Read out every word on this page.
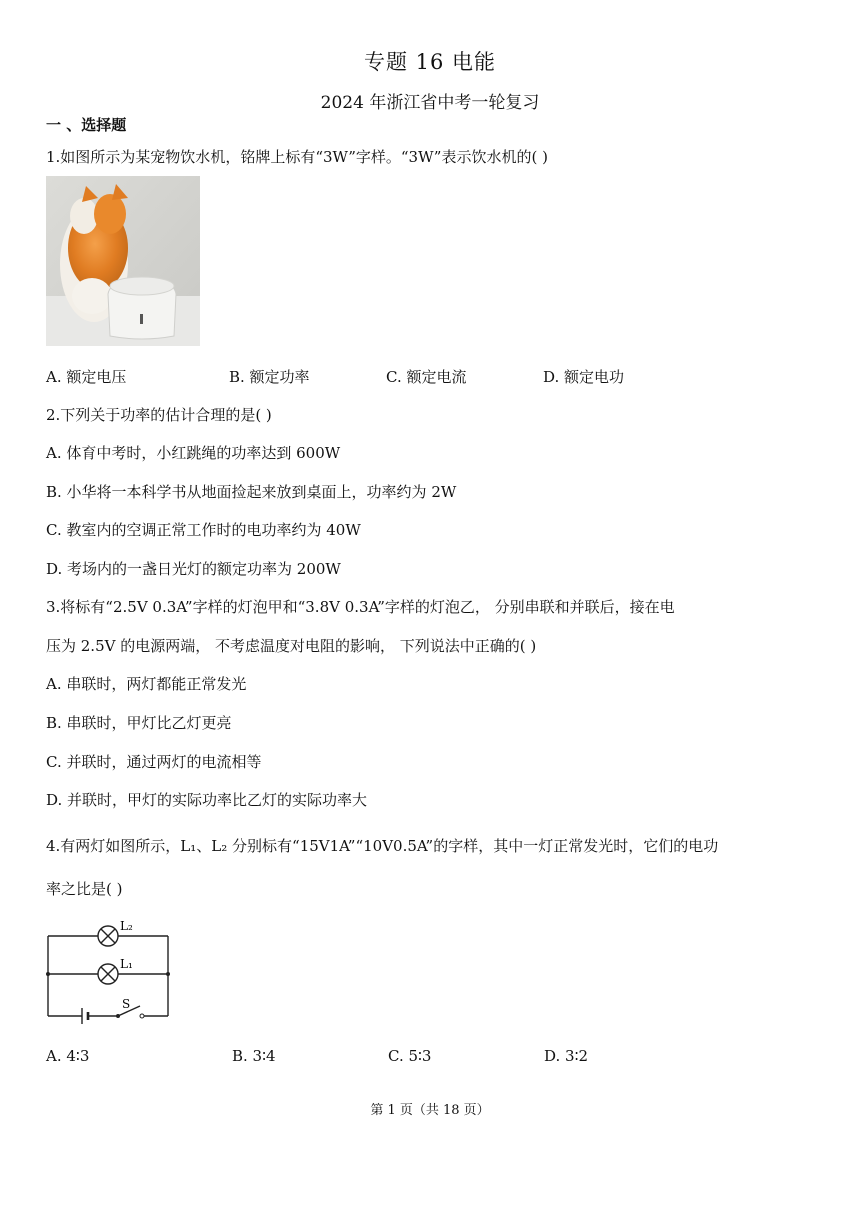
专题 16 电能
2024 年浙江省中考一轮复习
一 、选择题
1.如图所示为某宠物饮水机，铭牌上标有“3W”字样。“3W”表示饮水机的( )
A. 额定电压	B. 额定功率	C. 额定电流	D. 额定电功
2.下列关于功率的估计合理的是( )
A. 体育中考时，小红跳绳的功率达到 600W
B. 小华将一本科学书从地面捡起来放到桌面上，功率约为 2W
C. 教室内的空调正常工作时的电功率约为 40W
D. 考场内的一盏日光灯的额定功率为 200W
3.将标有“2.5V 0.3A”字样的灯泡甲和“3.8V 0.3A”字样的灯泡乙， 分别串联和并联后，接在电
压为 2.5V 的电源两端， 不考虑温度对电阻的影响， 下列说法中正确的( )
A. 串联时，两灯都能正常发光
B. 串联时，甲灯比乙灯更亮
C. 并联时，通过两灯的电流相等
D. 并联时，甲灯的实际功率比乙灯的实际功率大
4.有两灯如图所示，L₁、L₂ 分别标有“15V1A”“10V0.5A”的字样，其中一灯正常发光时，它们的电功
率之比是( )
L₂
L₁
S
A. 4∶3	B. 3∶4	C. 5∶3	D. 3∶2
第 1 页（共 18 页）
